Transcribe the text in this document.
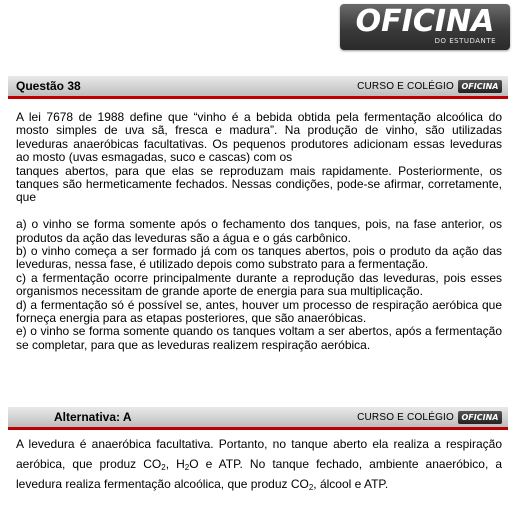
OFICINA
DO ESTUDANTE
Questão 38	CURSO E COLÉGIO OFICINA

A lei 7678 de 1988 define que “vinho é a bebida obtida pela fermentação alcoólica do mosto simples de uva sã, fresca e madura”. Na produção de vinho, são utilizadas leveduras anaeróbicas facultativas. Os pequenos produtores adicionam essas leveduras ao mosto (uvas esmagadas, suco e cascas) com os

tanques abertos, para que elas se reproduzam mais rapidamente. Posteriormente, os tanques são hermeticamente fechados. Nessas condições, pode-se afirmar, corretamente, que

a) o vinho se forma somente após o fechamento dos tanques, pois, na fase anterior, os produtos da ação das leveduras são a água e o gás carbônico.

b) o vinho começa a ser formado já com os tanques abertos, pois o produto da ação das leveduras, nessa fase, é utilizado depois como substrato para a fermentação.

c) a fermentação ocorre principalmente durante a reprodução das leveduras, pois esses organismos necessitam de grande aporte de energia para sua multiplicação.

d) a fermentação só é possível se, antes, houver um processo de respiração aeróbica que forneça energia para as etapas posteriores, que são anaeróbicas.

e) o vinho se forma somente quando os tanques voltam a ser abertos, após a fermentação se completar, para que as leveduras realizem respiração aeróbica.

Alternativa: A	CURSO E COLÉGIO OFICINA
A levedura é anaeróbica facultativa. Portanto, no tanque aberto ela realiza a respiração aeróbica, que produz $CO_2$, $H_2O$ e ATP. No tanque fechado, ambiente anaeróbico, a levedura realiza fermentação alcoólica, que produz $CO_2$, álcool e ATP.
